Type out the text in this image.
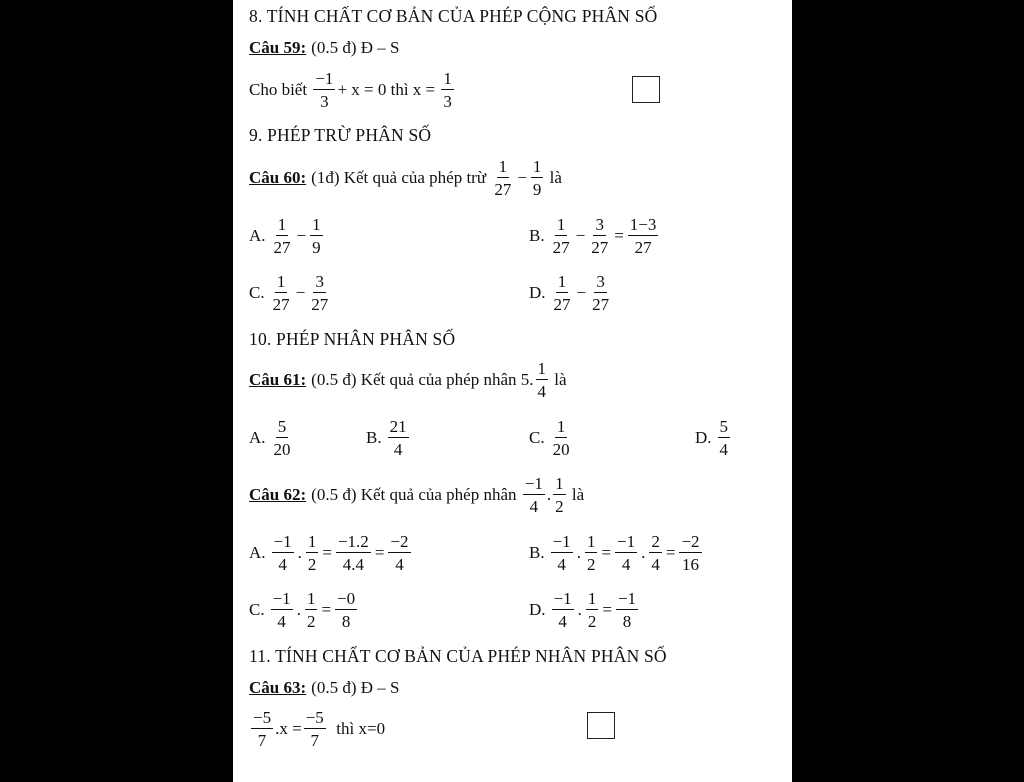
8. TÍNH CHẤT CƠ BẢN CỦA PHÉP CỘNG PHÂN SỐ
Câu 59: (0.5 đ) Đ – S
Cho biết
$\frac{-1}{3} + x = 0$ thì x =
$\frac{1}{3}$
9. PHÉP TRỪ PHÂN SỐ
Câu 60: (1đ) Kết quả của phép trừ
$\frac{1}{27} - \frac{1}{9}$
là
A. $\frac{1}{27} - \frac{1}{9}$	B. $\frac{1}{27} - \frac{3}{27} = \frac{1-3}{27}$
C. $\frac{1}{27} - \frac{3}{27}$	D. $\frac{1}{27} - \frac{3}{27}$
10. PHÉP NHÂN PHÂN SỐ
Câu 61: (0.5 đ) Kết quả của phép nhân 5. $\frac{1}{4}$
là
A. $\frac{5}{20}$	B. $\frac{21}{4}$	C. $\frac{1}{20}$	D. $\frac{5}{4}$
Câu 62: (0.5 đ) Kết quả của phép nhân
$\frac{-1}{4}$ . $\frac{1}{2}$
là
A. $\frac{-1}{4}$ . $\frac{1}{2} = \frac{-1.2}{4.4} = \frac{-2}{4}$	B. $\frac{-1}{4}$ . $\frac{1}{2} = \frac{-1}{4}$ . $\frac{2}{4} = \frac{-2}{16}$
C. $\frac{-1}{4}$ . $\frac{1}{2} = \frac{-0}{8}$	D. $\frac{-1}{4}$ . $\frac{1}{2} = \frac{-1}{8}$
11. TÍNH CHẤT CƠ BẢN CỦA PHÉP NHÂN PHÂN SỐ
Câu 63: (0.5 đ) Đ – S
$\frac{-5}{7} .x = \frac{-5}{7}$
thì x=0
